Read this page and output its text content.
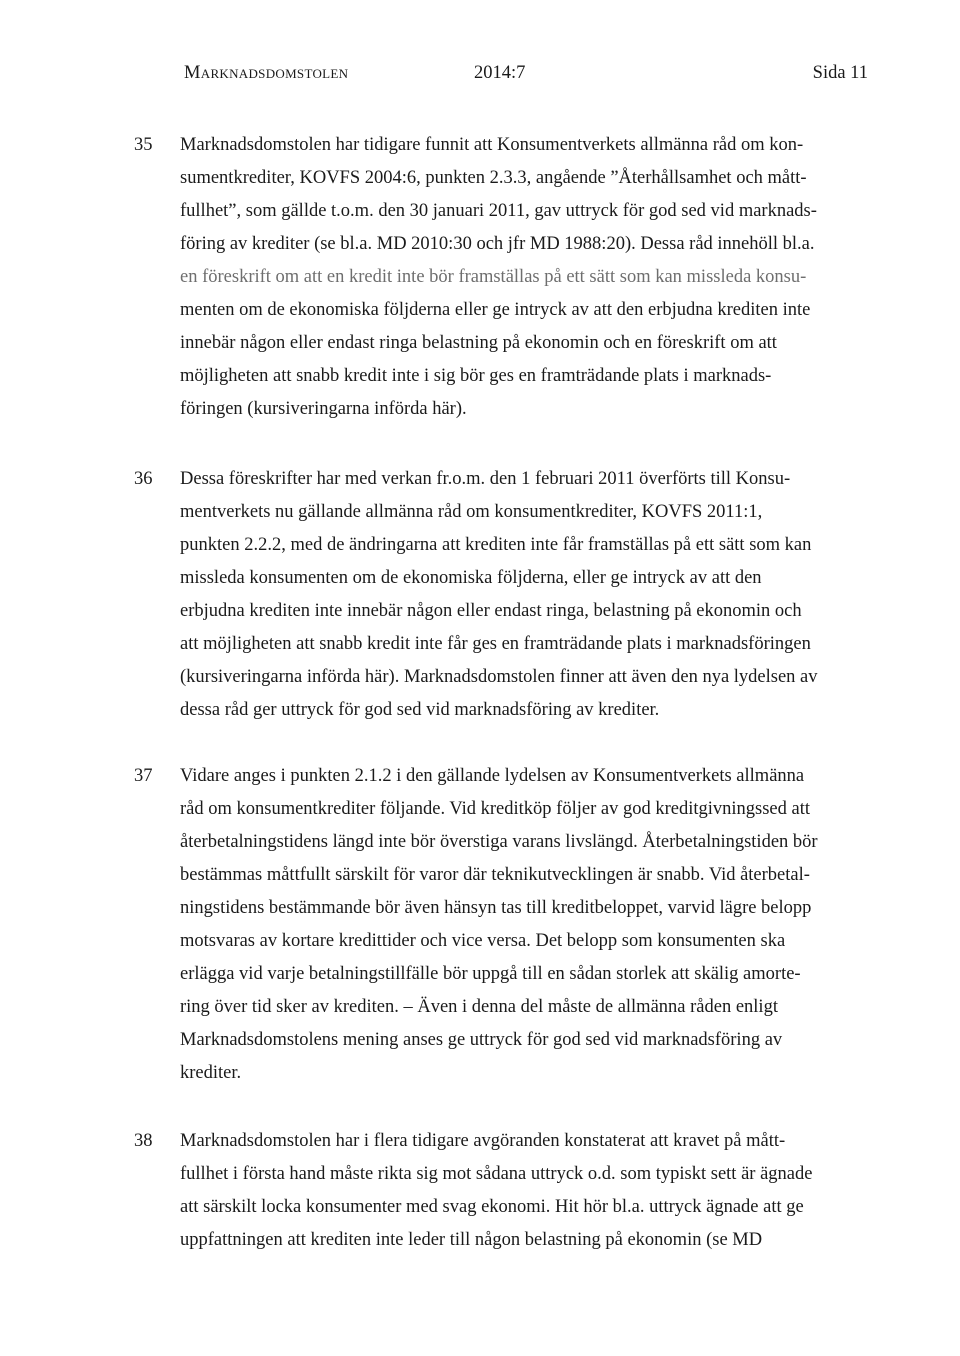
Marknadsdomstolen	2014:7	Sida 11
35	Marknadsdomstolen har tidigare funnit att Konsumentverkets allmänna råd om kon-
sumentkrediter, KOVFS 2004:6, punkten 2.3.3, angående ”Återhållsamhet och mått-
fullhet”, som gällde t.o.m. den 30 januari 2011, gav uttryck för god sed vid marknads-
föring av krediter (se bl.a. MD 2010:30 och jfr MD 1988:20). Dessa råd innehöll bl.a.
en föreskrift om att en kredit inte bör framställas på ett sätt som kan missleda konsu-
menten om de ekonomiska följderna eller ge intryck av att den erbjudna krediten inte
innebär någon eller endast ringa belastning på ekonomin och en föreskrift om att
möjligheten att snabb kredit inte i sig bör ges en framträdande plats i marknads-
föringen (kursiveringarna införda här).
36	Dessa föreskrifter har med verkan fr.o.m. den 1 februari 2011 överförts till Konsu-
mentverkets nu gällande allmänna råd om konsumentkrediter, KOVFS 2011:1,
punkten 2.2.2, med de ändringarna att krediten inte får framställas på ett sätt som kan
missleda konsumenten om de ekonomiska följderna, eller ge intryck av att den
erbjudna krediten inte innebär någon eller endast ringa, belastning på ekonomin och
att möjligheten att snabb kredit inte får ges en framträdande plats i marknadsföringen
(kursiveringarna införda här). Marknadsdomstolen finner att även den nya lydelsen av
dessa råd ger uttryck för god sed vid marknadsföring av krediter.
37	Vidare anges i punkten 2.1.2 i den gällande lydelsen av Konsumentverkets allmänna
råd om konsumentkrediter följande. Vid kreditköp följer av god kreditgivningssed att
återbetalningstidens längd inte bör överstiga varans livslängd. Återbetalningstiden bör
bestämmas måttfullt särskilt för varor där teknikutvecklingen är snabb. Vid återbetal-
ningstidens bestämmande bör även hänsyn tas till kreditbeloppet, varvid lägre belopp
motsvaras av kortare kredittider och vice versa. Det belopp som konsumenten ska
erlägga vid varje betalningstillfälle bör uppgå till en sådan storlek att skälig amorte-
ring över tid sker av krediten. – Även i denna del måste de allmänna råden enligt
Marknadsdomstolens mening anses ge uttryck för god sed vid marknadsföring av
krediter.
38	Marknadsdomstolen har i flera tidigare avgöranden konstaterat att kravet på mått-
fullhet i första hand måste rikta sig mot sådana uttryck o.d. som typiskt sett är ägnade
att särskilt locka konsumenter med svag ekonomi. Hit hör bl.a. uttryck ägnade att ge
uppfattningen att krediten inte leder till någon belastning på ekonomin (se MD
